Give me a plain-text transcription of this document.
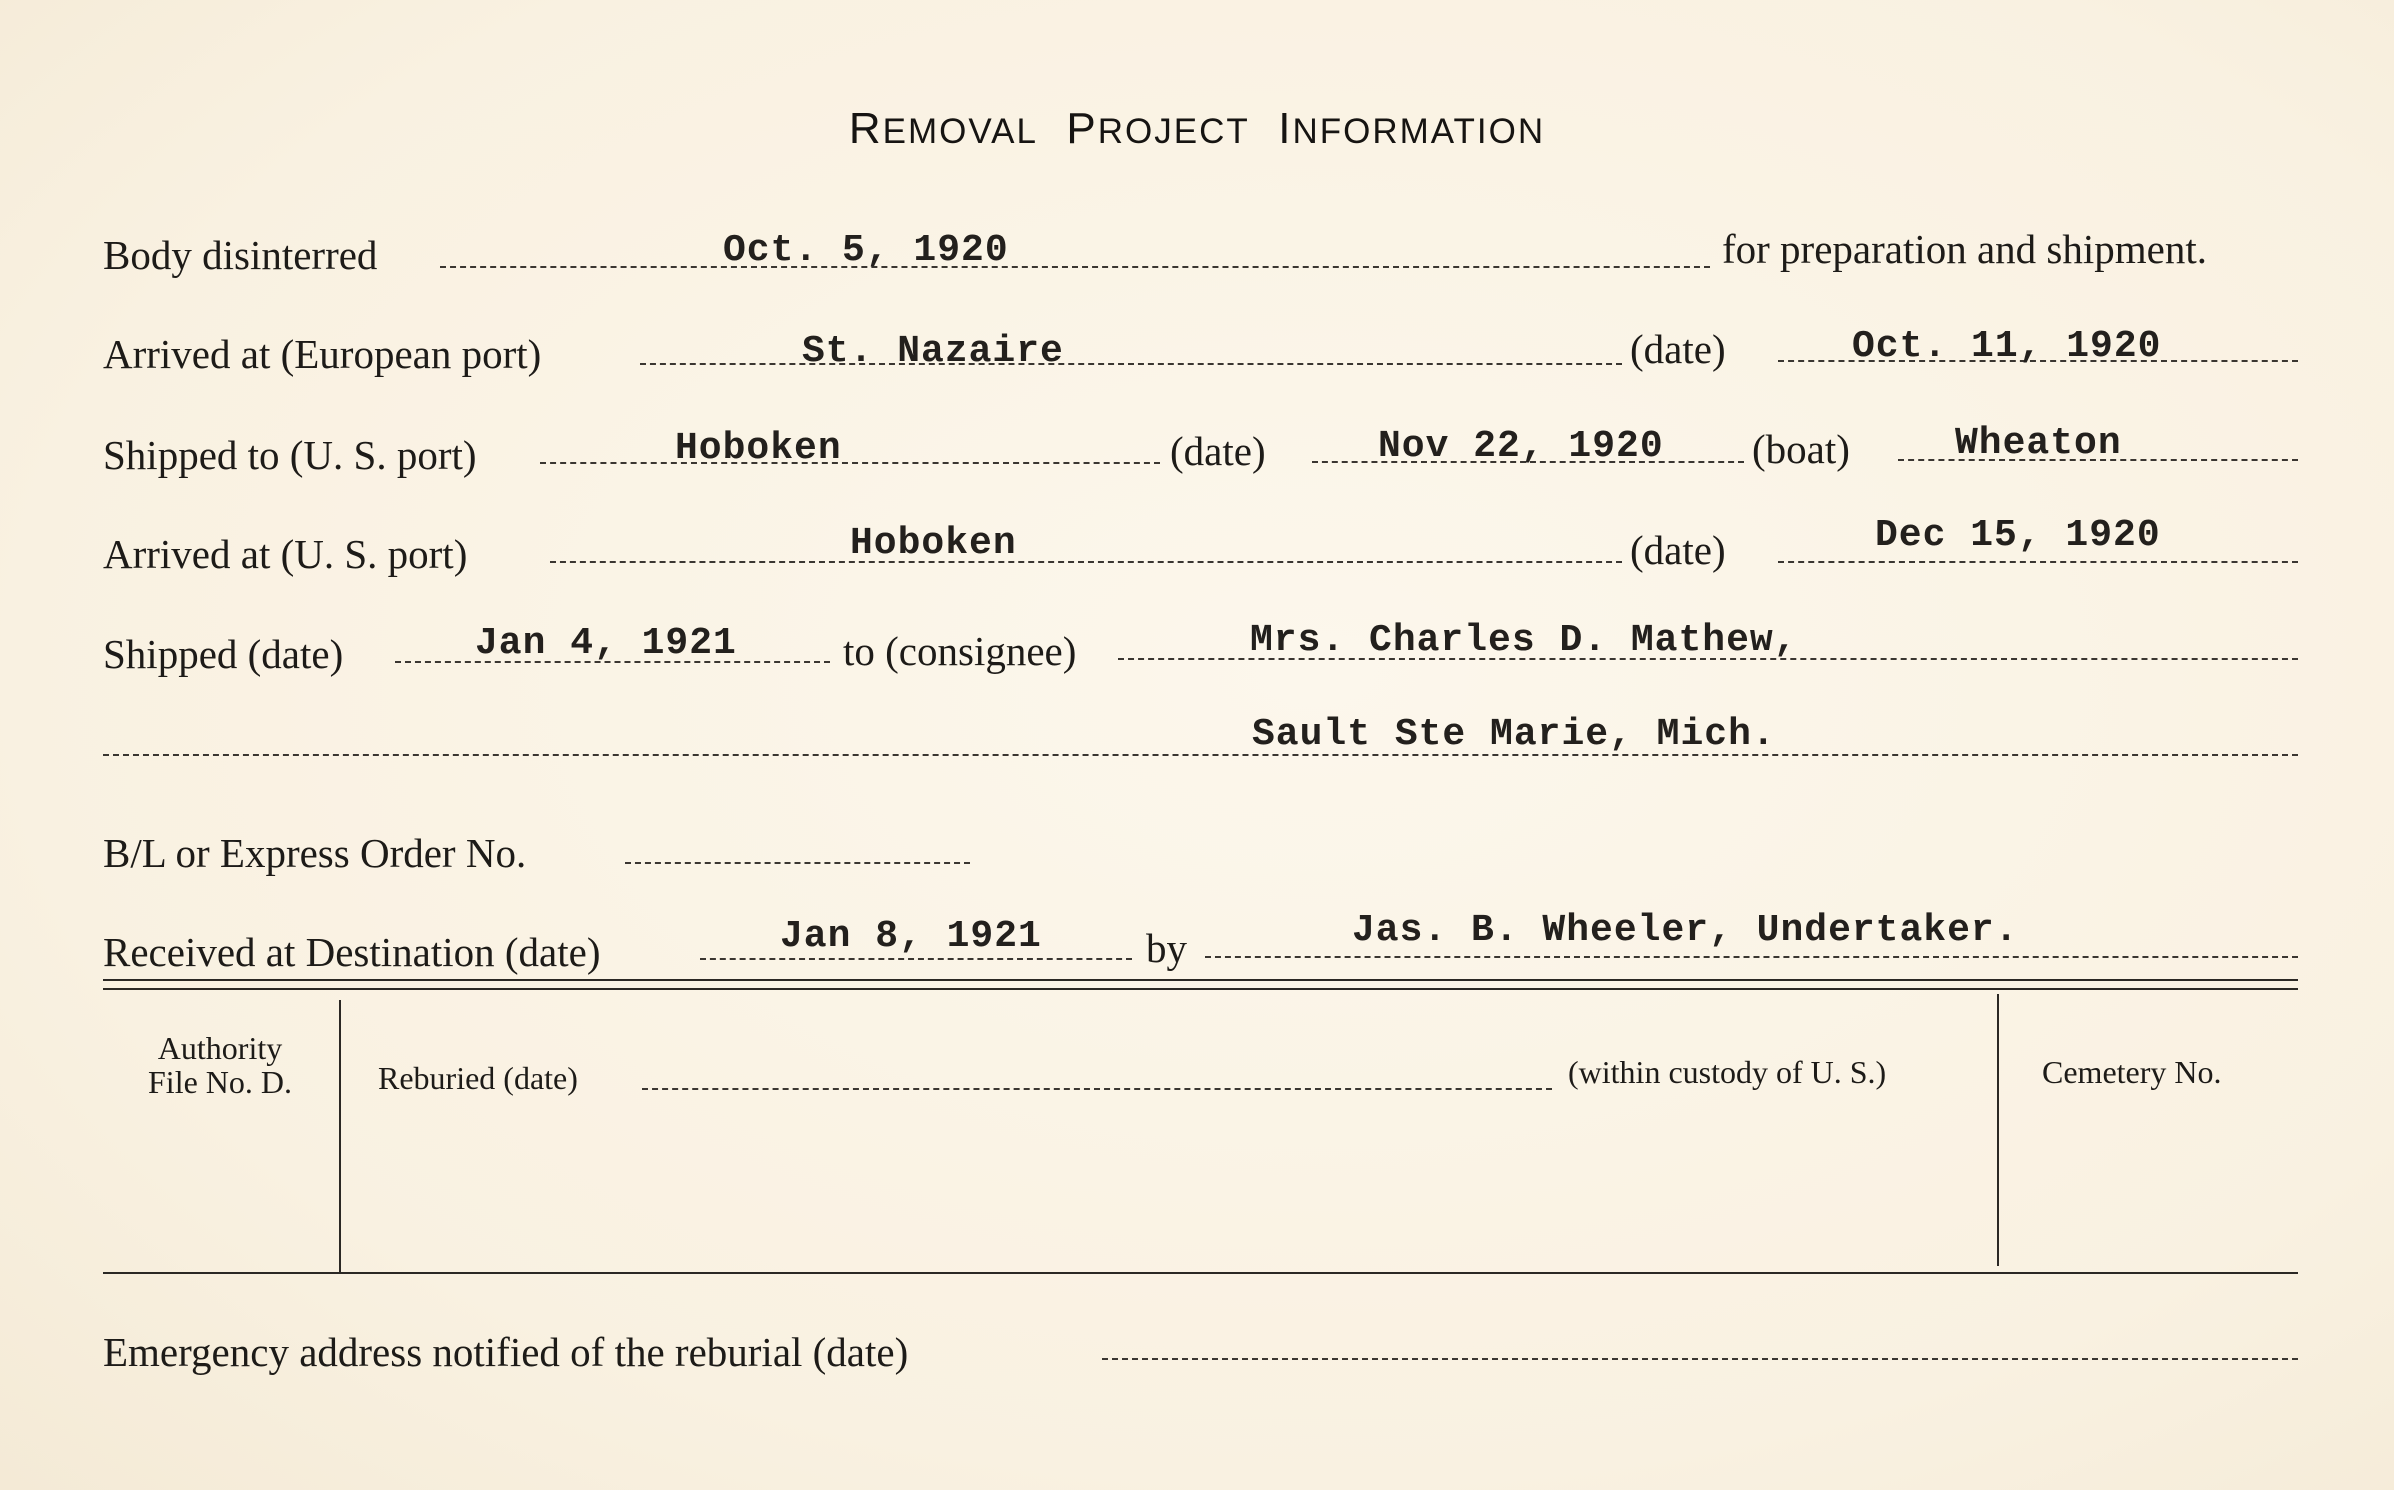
REMOVAL PROJECT INFORMATION
Body disinterred	Oct. 5, 1920	for preparation and shipment.
Arrived at (European port)	St. Nazaire	(date)	Oct. 11, 1920
Shipped to (U. S. port)	Hoboken	(date)	Nov 22, 1920 (boat)	Wheaton
Arrived at (U. S. port)	Hoboken	(date)	Dec 15, 1920
Shipped (date)	Jan 4, 1921	to (consignee)	Mrs. Charles D. Mathew,
Sault Ste Marie, Mich.
B/L or Express Order No.
Received at Destination (date)	Jan 8, 1921	by	Jas. B. Wheeler, Undertaker.
Authority
File No. D.	Reburied (date)	(within custody of U. S.)	Cemetery No.
Emergency address notified of the reburial (date)
